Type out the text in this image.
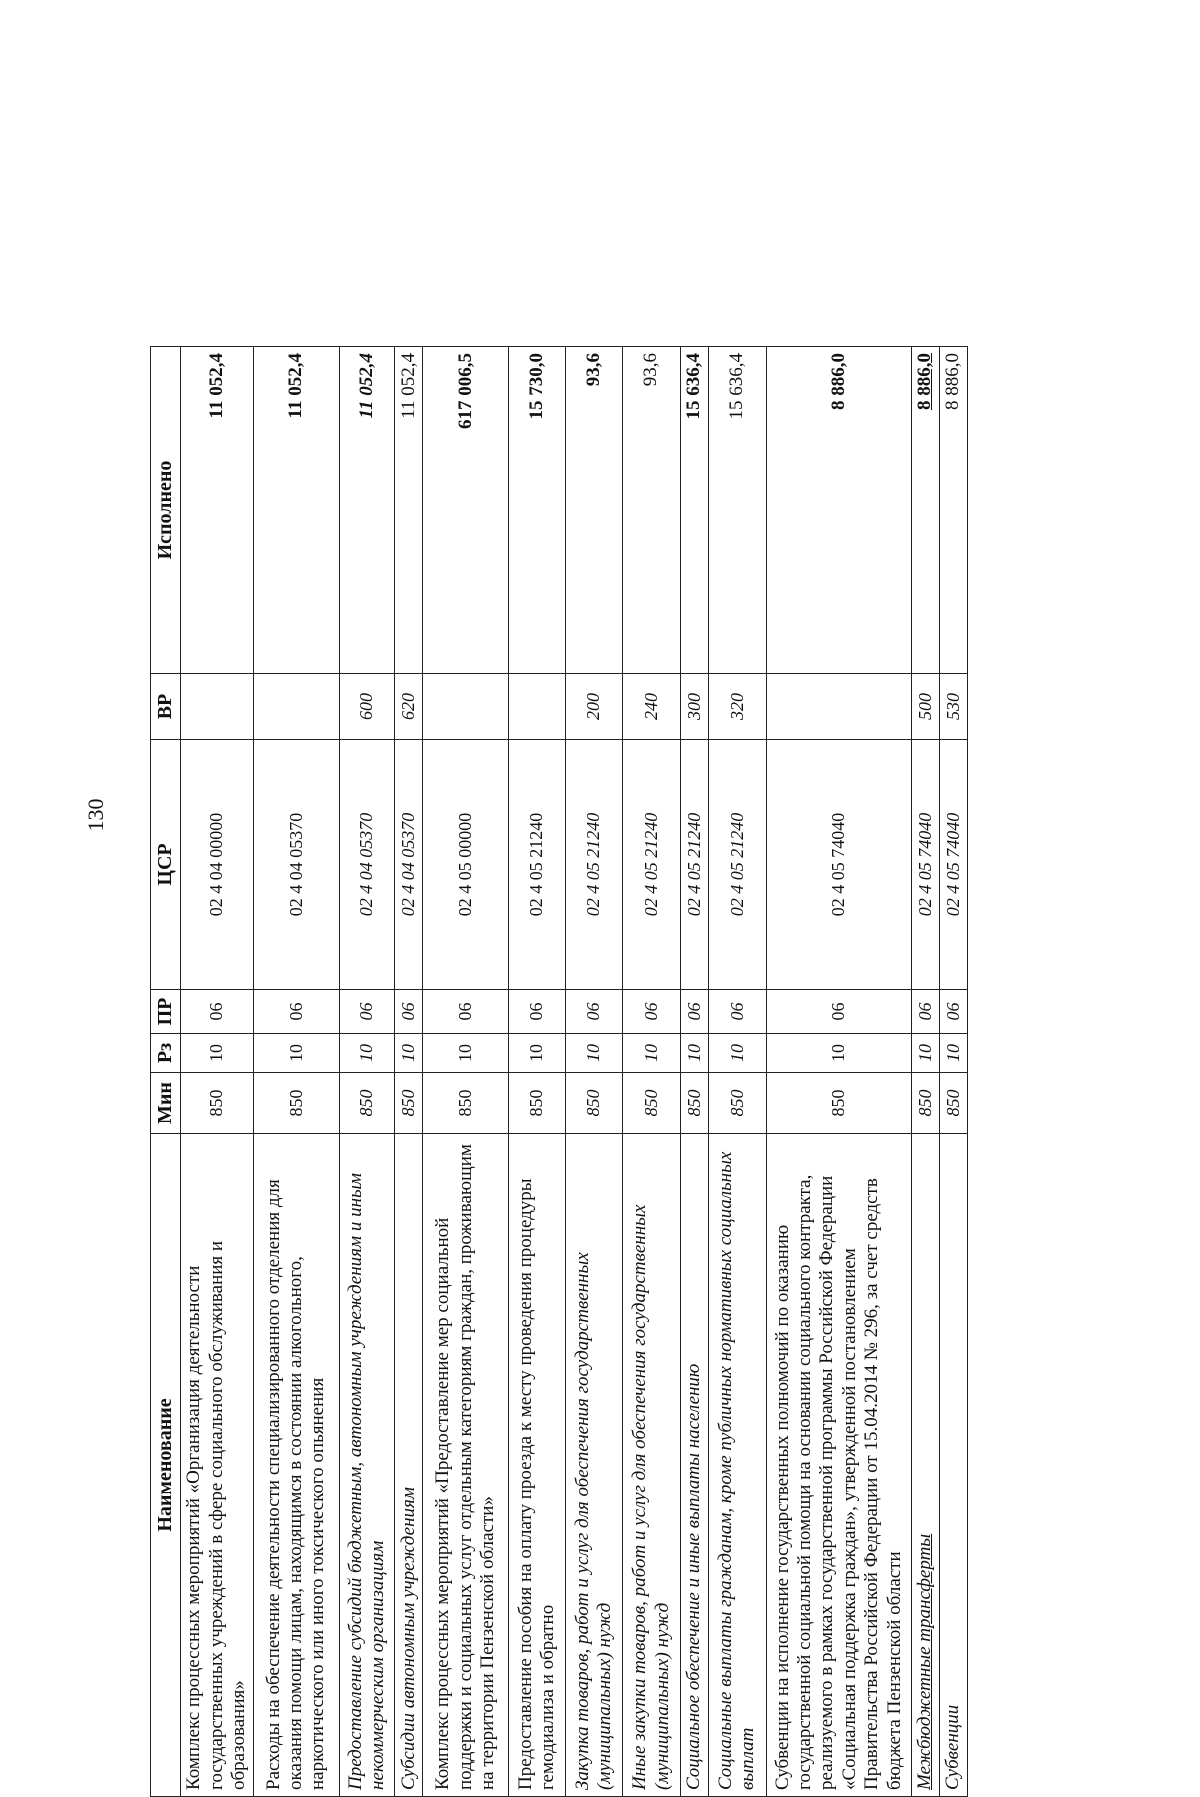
130
Наименование	Мин	Рз	ПР	ЦСР	ВР	Исполнено
Комплекс процессных мероприятий «Организация деятельности государственных учреждений в сфере социального обслуживания и образования»	850	10	06	02 4 04 00000		11 052,4
Расходы на обеспечение деятельности специализированного отделения для оказания помощи лицам, находящимся в состоянии алкогольного, наркотического или иного токсического опьянения	850	10	06	02 4 04 05370		11 052,4
Предоставление субсидий бюджетным, автономным учреждениям и иным некоммерческим организациям	850	10	06	02 4 04 05370	600	11 052,4
Субсидии автономным учреждениям	850	10	06	02 4 04 05370	620	11 052,4
Комплекс процессных мероприятий «Предоставление мер социальной поддержки и социальных услуг отдельным категориям граждан, проживающим на территории Пензенской области»	850	10	06	02 4 05 00000		617 006,5
Предоставление пособия на оплату проезда к месту проведения процедуры гемодиализа и обратно	850	10	06	02 4 05 21240		15 730,0
Закупка товаров, работ и услуг для обеспечения государственных (муниципальных) нужд	850	10	06	02 4 05 21240	200	93,6
Иные закупки товаров, работ и услуг для обеспечения государственных (муниципальных) нужд	850	10	06	02 4 05 21240	240	93,6
Социальное обеспечение и иные выплаты населению	850	10	06	02 4 05 21240	300	15 636,4
Социальные выплаты гражданам, кроме публичных нормативных социальных выплат	850	10	06	02 4 05 21240	320	15 636,4
Субвенции на исполнение государственных полномочий по оказанию государственной социальной помощи на основании социального контракта, реализуемого в рамках государственной программы Российской Федерации «Социальная поддержка граждан», утвержденной постановлением Правительства Российской Федерации от 15.04.2014 № 296, за счет средств бюджета Пензенской области	850	10	06	02 4 05 74040		8 886,0
Межбюджетные трансферты	850	10	06	02 4 05 74040	500	8 886,0
Субвенции	850	10	06	02 4 05 74040	530	8 886,0
